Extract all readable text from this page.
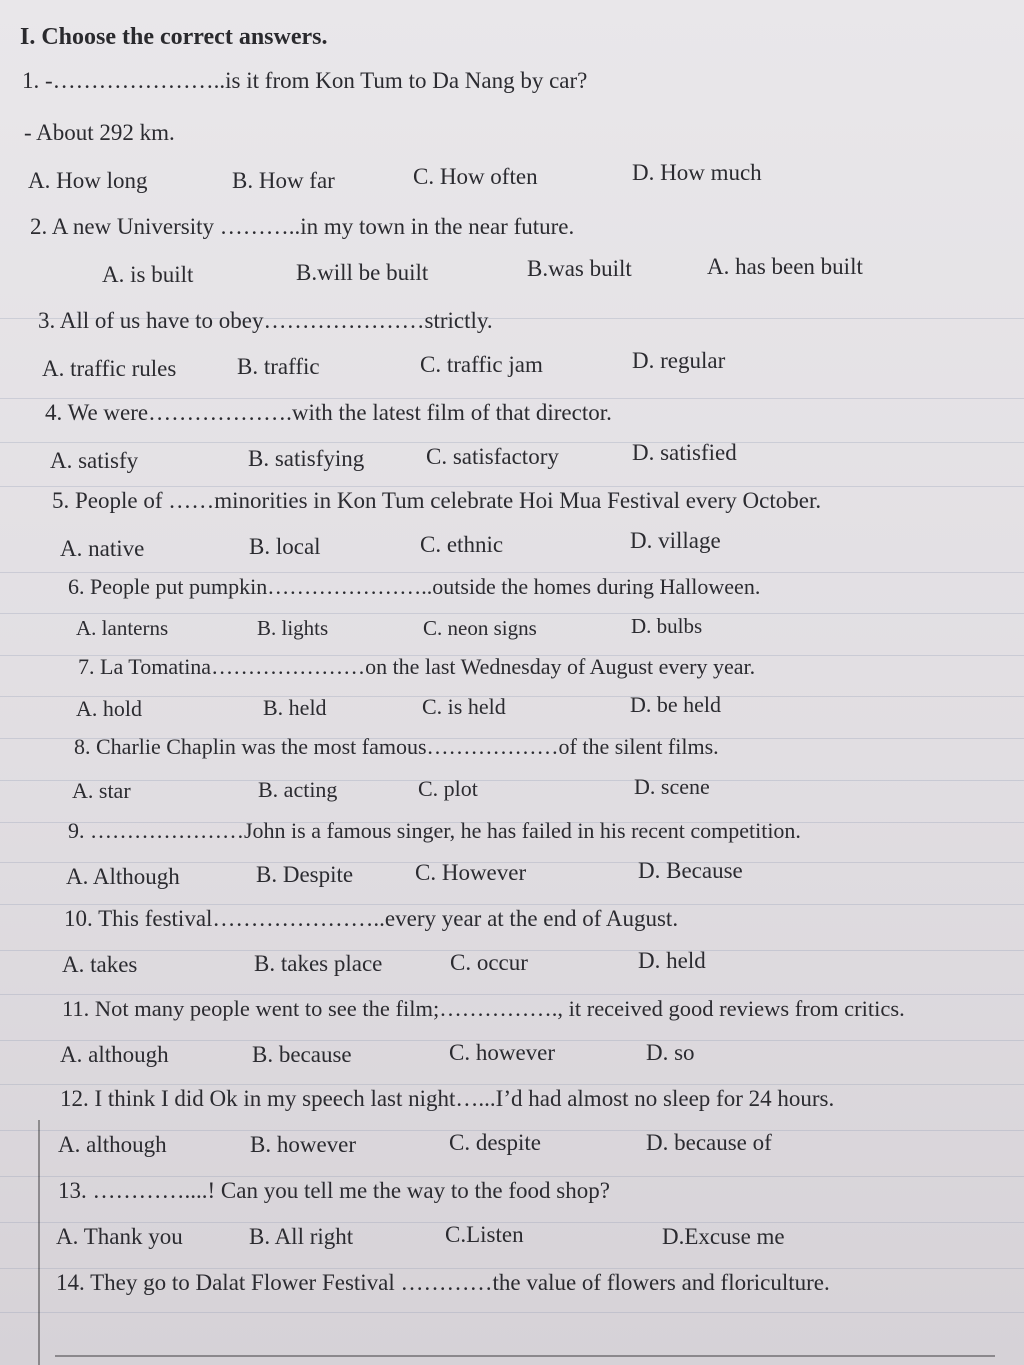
I. Choose the correct answers.
1. -…………………..is it from Kon Tum to Da Nang by car?
- About 292 km.
A. How long	B. How far	C. How often	D. How much
2. A new University ………..in my town in the near future.
A. is built	B.will be built	B.was built	A. has been built
3. All of us have to obey…………………strictly.
A. traffic rules	B. traffic	C. traffic jam	D. regular
4. We were……………….with the latest film of that director.
A. satisfy	B. satisfying	C. satisfactory	D. satisfied
5. People of ……minorities in Kon Tum celebrate Hoi Mua Festival every October.
A. native	B. local	C. ethnic	D. village
6. People put pumpkin…………………..outside the homes during Halloween.
A. lanterns	B. lights	C. neon signs	D. bulbs
7. La Tomatina…………………on the last Wednesday of August every year.
A. hold	B. held	C. is held	D. be held
8. Charlie Chaplin was the most famous………………of the silent films.
A. star	B. acting	C. plot	D. scene
9. …………………John is a famous singer, he has failed in his recent competition.
A. Although	B. Despite	C. However	D. Because
10. This festival…………………..every year at the end of August.
A. takes	B. takes place	C. occur	D. held
11. Not many people went to see the film;……………., it received good reviews from critics.
A. although	B. because	C. however	D. so
12. I think I did Ok in my speech last night…...I’d had almost no sleep for 24 hours.
A. although	B. however	C. despite	D. because of
13. …………....! Can you tell me the way to the food shop?
A. Thank you	B. All right	C.Listen	D.Excuse me
14. They go to Dalat Flower Festival …………the value of flowers and floriculture.
